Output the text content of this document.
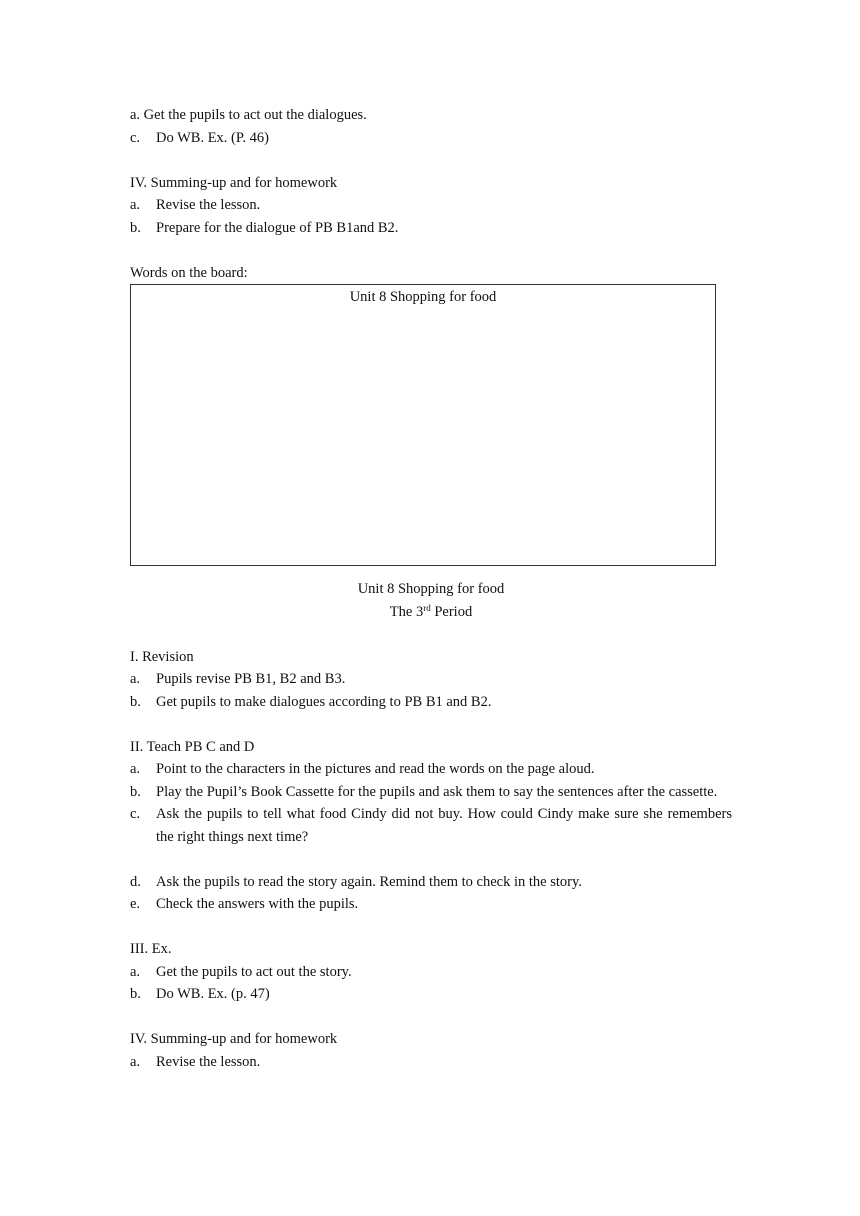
a. Get the pupils to act out the dialogues.

c.	Do WB. Ex. (P. 46)

IV. Summing-up and for homework

a.	Revise the lesson.
b.	Prepare for the dialogue of PB B1and B2.

Words on the board:

Unit 8 Shopping for food

Unit 8 Shopping for food

The 3rd Period

I. Revision

a.	Pupils revise PB B1, B2 and B3.
b.	Get pupils to make dialogues according to PB B1 and B2.

II. Teach PB C and D

a.	Point to the characters in the pictures and read the words on the page aloud.
b.	Play the Pupil’s Book Cassette for the pupils and ask them to say the sentences after the cassette.
c.	Ask the pupils to tell what food Cindy did not buy. How could Cindy make sure she remembers the right things next time?
d.	Ask the pupils to read the story again. Remind them to check in the story.
e.	Check the answers with the pupils.

III. Ex.

a.	Get the pupils to act out the story.
b.	Do WB. Ex. (p. 47)

IV. Summing-up and for homework

a.	Revise the lesson.
